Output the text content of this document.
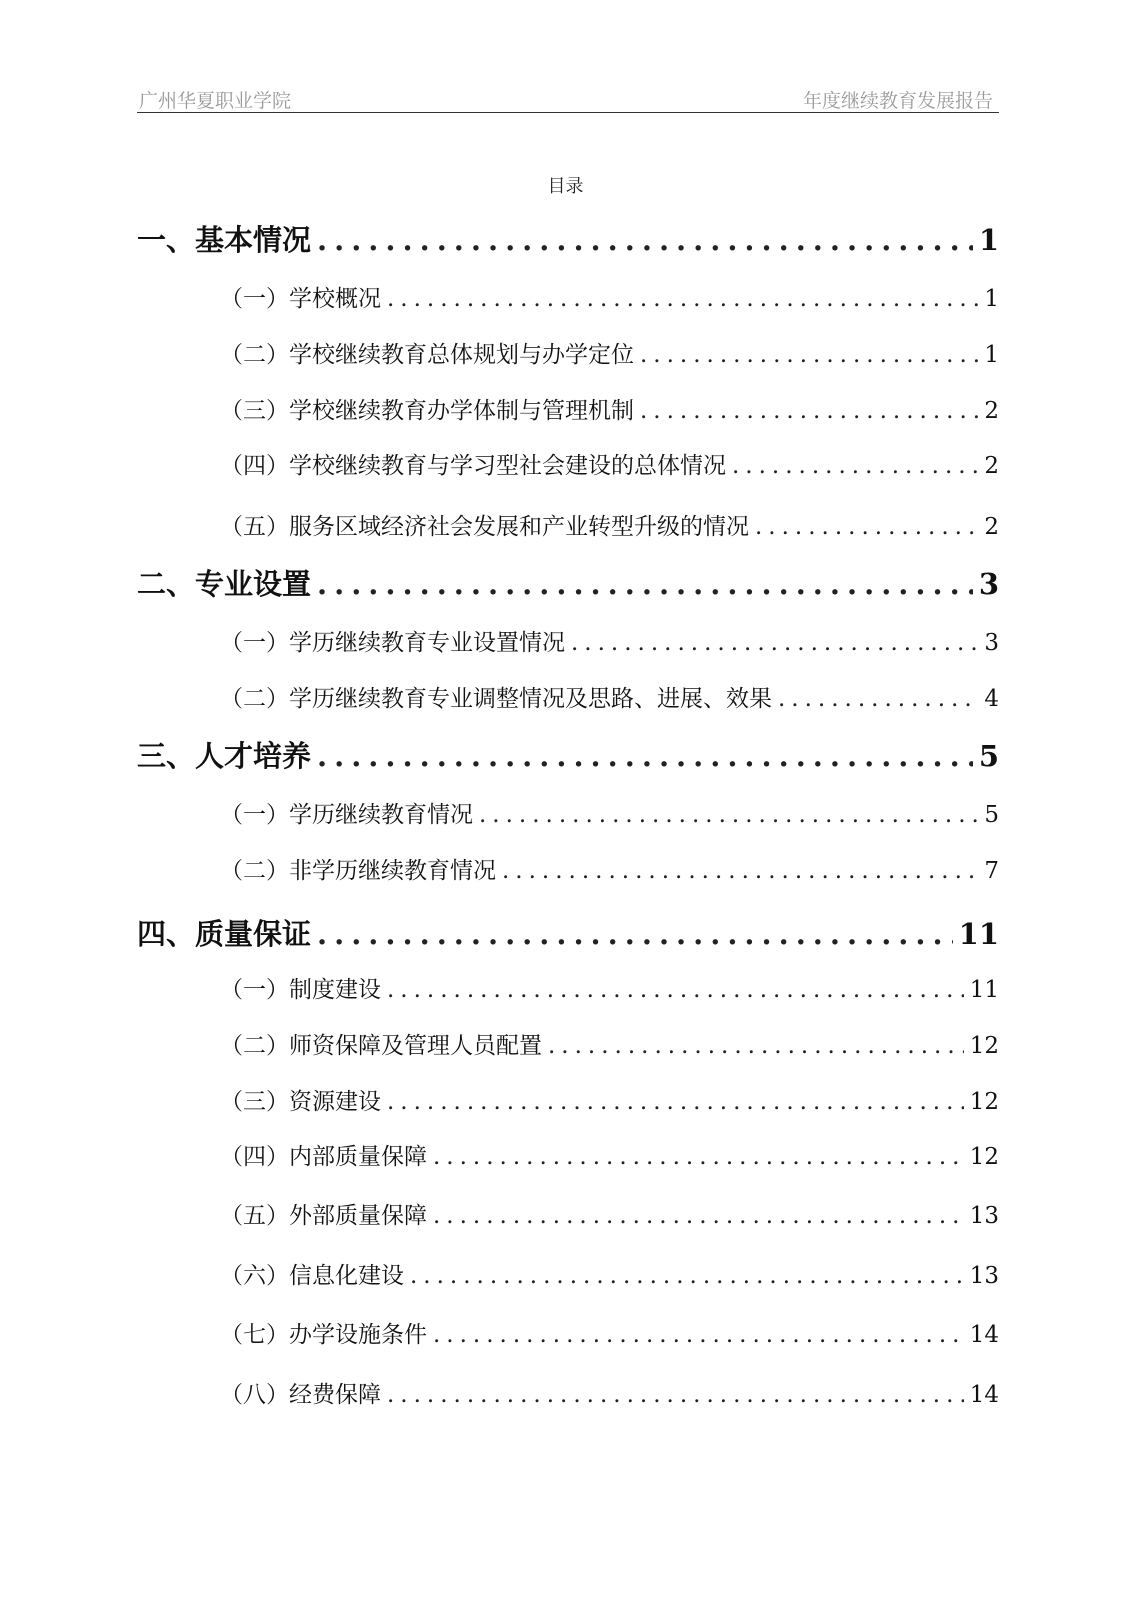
广州华夏职业学院	年度继续教育发展报告
目录
一、基本情况 .....	1
（一）学校概况 .....	1
（二）学校继续教育总体规划与办学定位 .....	1
（三）学校继续教育办学体制与管理机制 .....	2
（四）学校继续教育与学习型社会建设的总体情况 .....	2
（五）服务区域经济社会发展和产业转型升级的情况 .....	2
二、专业设置 .....	3
（一）学历继续教育专业设置情况 .....	3
（二）学历继续教育专业调整情况及思路、进展、效果 .....	4
三、人才培养 .....	5
（一）学历继续教育情况 .....	5
（二）非学历继续教育情况 .....	7
四、质量保证 .....	11
（一）制度建设 .....	11
（二）师资保障及管理人员配置 .....	12
（三）资源建设 .....	12
（四）内部质量保障 .....	12
（五）外部质量保障 .....	13
（六）信息化建设 .....	13
（七）办学设施条件 .....	14
（八）经费保障 .....	14
